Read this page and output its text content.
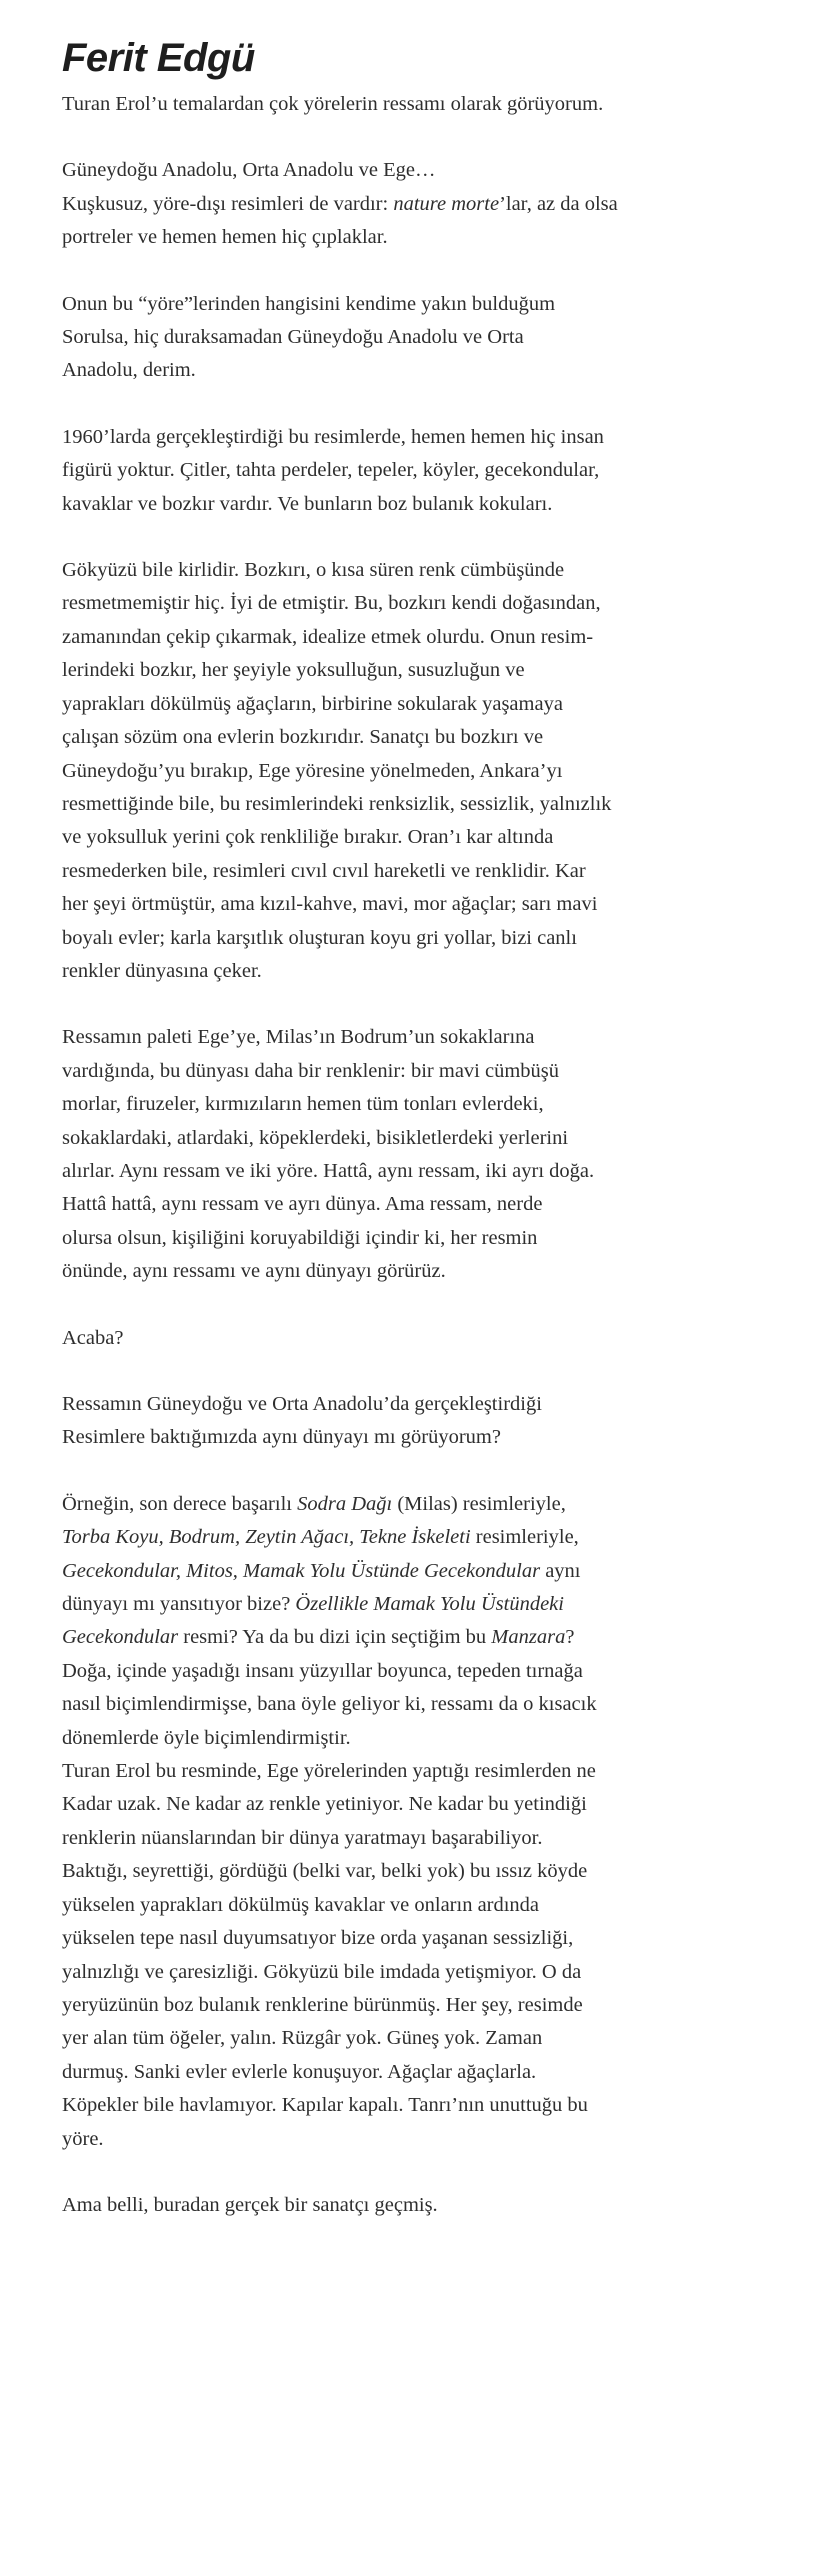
Ferit Edgü

Turan Erol’u temalardan çok yörelerin ressamı olarak görüyorum.

Güneydoğu Anadolu, Orta Anadolu ve Ege…
Kuşkusuz, yöre-dışı resimleri de vardır: nature morte’lar, az da olsa
portreler ve hemen hemen hiç çıplaklar.

Onun bu “yöre”lerinden hangisini kendime yakın bulduğum
Sorulsa, hiç duraksamadan Güneydoğu Anadolu ve Orta
Anadolu, derim.

1960’larda gerçekleştirdiği bu resimlerde, hemen hemen hiç insan
figürü yoktur. Çitler, tahta perdeler, tepeler, köyler, gecekondular,
kavaklar ve bozkır vardır. Ve bunların boz bulanık kokuları.

Gökyüzü bile kirlidir. Bozkırı, o kısa süren renk cümbüşünde
resmetmemiştir hiç. İyi de etmiştir. Bu, bozkırı kendi doğasından,
zamanından çekip çıkarmak, idealize etmek olurdu. Onun resim-
lerindeki bozkır, her şeyiyle yoksulluğun, susuzluğun ve
yaprakları dökülmüş ağaçların, birbirine sokularak yaşamaya
çalışan sözüm ona evlerin bozkırıdır. Sanatçı bu bozkırı ve
Güneydoğu’yu bırakıp, Ege yöresine yönelmeden, Ankara’yı
resmettiğinde bile, bu resimlerindeki renksizlik, sessizlik, yalnızlık
ve yoksulluk yerini çok renkliliğe bırakır. Oran’ı kar altında
resmederken bile, resimleri cıvıl cıvıl hareketli ve renklidir. Kar
her şeyi örtmüştür, ama kızıl-kahve, mavi, mor ağaçlar; sarı mavi
boyalı evler; karla karşıtlık oluşturan koyu gri yollar, bizi canlı
renkler dünyasına çeker.

Ressamın paleti Ege’ye, Milas’ın Bodrum’un sokaklarına
vardığında, bu dünyası daha bir renklenir: bir mavi cümbüşü
morlar, firuzeler, kırmızıların hemen tüm tonları evlerdeki,
sokaklardaki, atlardaki, köpeklerdeki, bisikletlerdeki yerlerini
alırlar. Aynı ressam ve iki yöre. Hattâ, aynı ressam, iki ayrı doğa.
Hattâ hattâ, aynı ressam ve ayrı dünya. Ama ressam, nerde
olursa olsun, kişiliğini koruyabildiği içindir ki, her resmin
önünde, aynı ressamı ve aynı dünyayı görürüz.

Acaba?

Ressamın Güneydoğu ve Orta Anadolu’da gerçekleştirdiği
Resimlere baktığımızda aynı dünyayı mı görüyorum?

Örneğin, son derece başarılı Sodra Dağı (Milas) resimleriyle,
Torba Koyu, Bodrum, Zeytin Ağacı, Tekne İskeleti resimleriyle,
Gecekondular, Mitos, Mamak Yolu Üstünde Gecekondular aynı
dünyayı mı yansıtıyor bize? Özellikle Mamak Yolu Üstündeki
Gecekondular resmi? Ya da bu dizi için seçtiğim bu Manzara?
Doğa, içinde yaşadığı insanı yüzyıllar boyunca, tepeden tırnağa
nasıl biçimlendirmişse, bana öyle geliyor ki, ressamı da o kısacık
dönemlerde öyle biçimlendirmiştir.
Turan Erol bu resminde, Ege yörelerinden yaptığı resimlerden ne
Kadar uzak. Ne kadar az renkle yetiniyor. Ne kadar bu yetindiği
renklerin nüanslarından bir dünya yaratmayı başarabiliyor.
Baktığı, seyrettiği, gördüğü (belki var, belki yok) bu ıssız köyde
yükselen yaprakları dökülmüş kavaklar ve onların ardında
yükselen tepe nasıl duyumsatıyor bize orda yaşanan sessizliği,
yalnızlığı ve çaresizliği. Gökyüzü bile imdada yetişmiyor. O da
yeryüzünün boz bulanık renklerine bürünmüş. Her şey, resimde
yer alan tüm öğeler, yalın. Rüzgâr yok. Güneş yok. Zaman
durmuş. Sanki evler evlerle konuşuyor. Ağaçlar ağaçlarla.
Köpekler bile havlamıyor. Kapılar kapalı. Tanrı’nın unuttuğu bu
yöre.

Ama belli, buradan gerçek bir sanatçı geçmiş.
